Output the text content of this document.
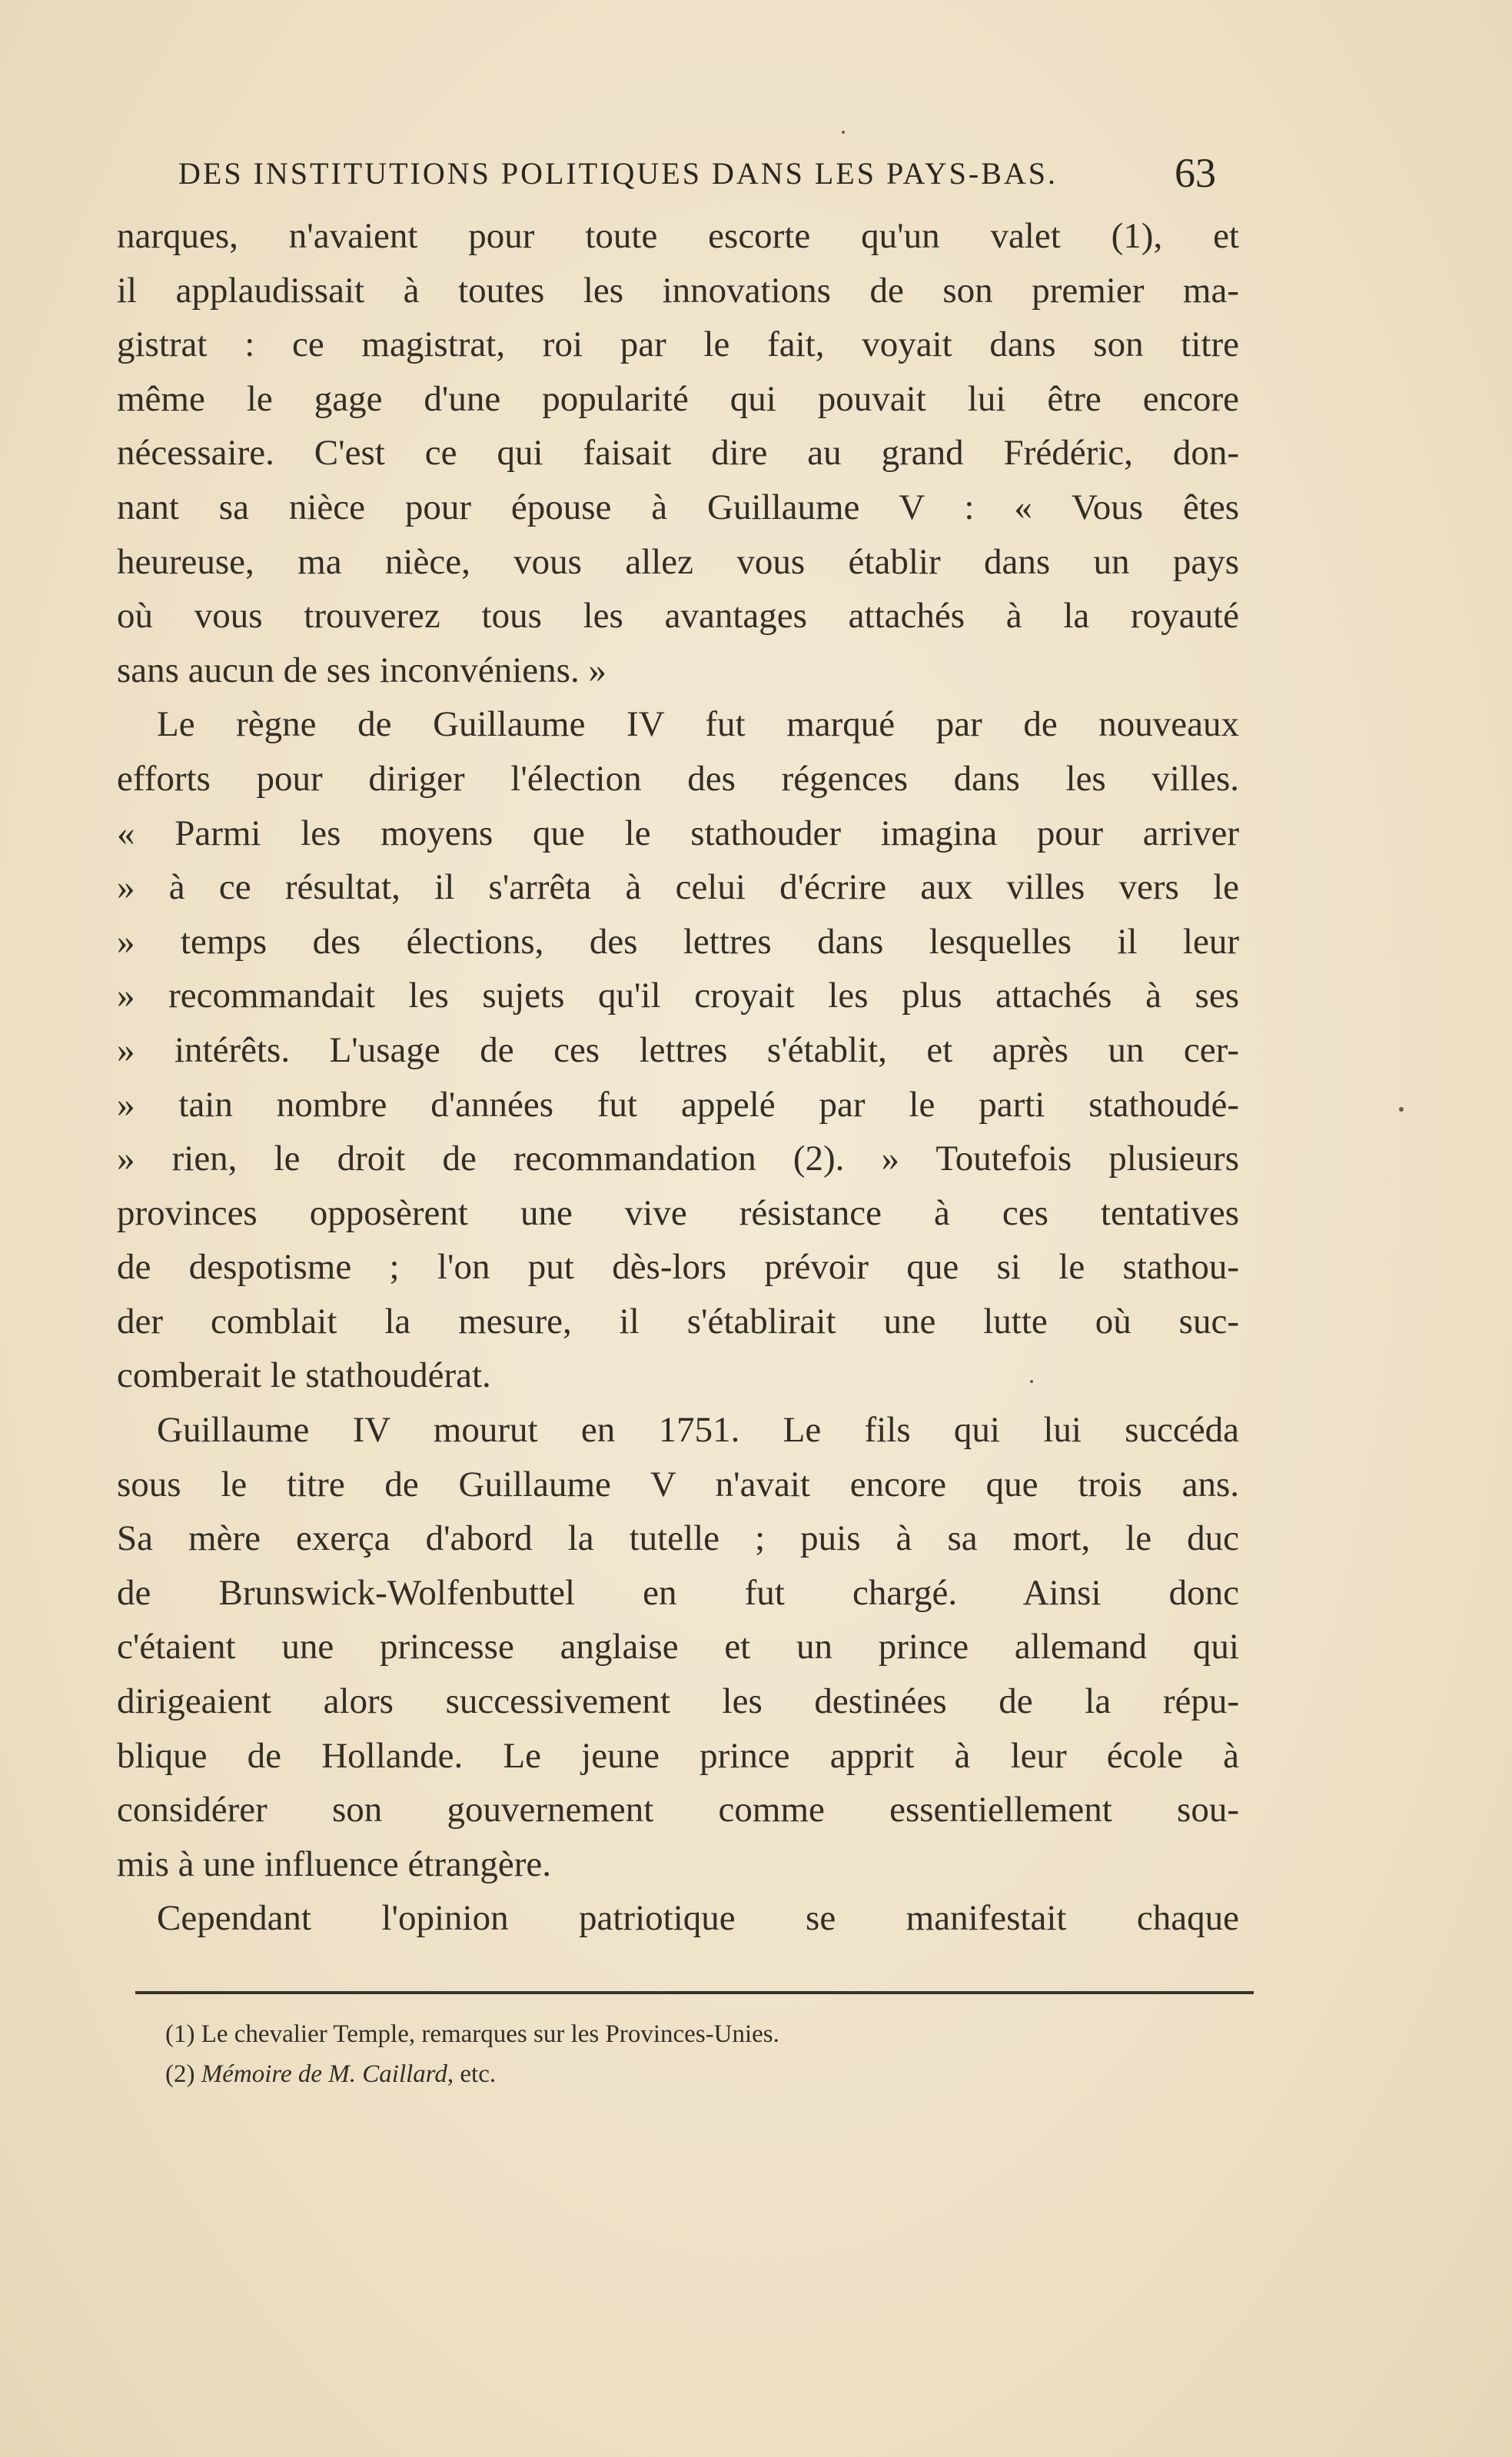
DES INSTITUTIONS POLITIQUES DANS LES PAYS-BAS.	63
narques, n'avaient pour toute escorte qu'un valet (1), et
il applaudissait à toutes les innovations de son premier ma-
gistrat : ce magistrat, roi par le fait, voyait dans son titre
même le gage d'une popularité qui pouvait lui être encore
nécessaire. C'est ce qui faisait dire au grand Frédéric, don-
nant sa nièce pour épouse à Guillaume V : « Vous êtes
heureuse, ma nièce, vous allez vous établir dans un pays
où vous trouverez tous les avantages attachés à la royauté
sans aucun de ses inconvéniens. »
Le règne de Guillaume IV fut marqué par de nouveaux
efforts pour diriger l'élection des régences dans les villes.
« Parmi les moyens que le stathouder imagina pour arriver
» à ce résultat, il s'arrêta à celui d'écrire aux villes vers le
» temps des élections, des lettres dans lesquelles il leur
» recommandait les sujets qu'il croyait les plus attachés à ses
» intérêts. L'usage de ces lettres s'établit, et après un cer-
» tain nombre d'années fut appelé par le parti stathoudé-
» rien, le droit de recommandation (2). » Toutefois plusieurs
provinces opposèrent une vive résistance à ces tentatives
de despotisme ; l'on put dès-lors prévoir que si le stathou-
der comblait la mesure, il s'établirait une lutte où suc-
comberait le stathoudérat.
Guillaume IV mourut en 1751. Le fils qui lui succéda
sous le titre de Guillaume V n'avait encore que trois ans.
Sa mère exerça d'abord la tutelle ; puis à sa mort, le duc
de Brunswick-Wolfenbuttel en fut chargé. Ainsi donc
c'étaient une princesse anglaise et un prince allemand qui
dirigeaient alors successivement les destinées de la répu-
blique de Hollande. Le jeune prince apprit à leur école à
considérer son gouvernement comme essentiellement sou-
mis à une influence étrangère.
Cependant l'opinion patriotique se manifestait chaque
(1) Le chevalier Temple, remarques sur les Provinces-Unies.
(2) Mémoire de M. Caillard, etc.
